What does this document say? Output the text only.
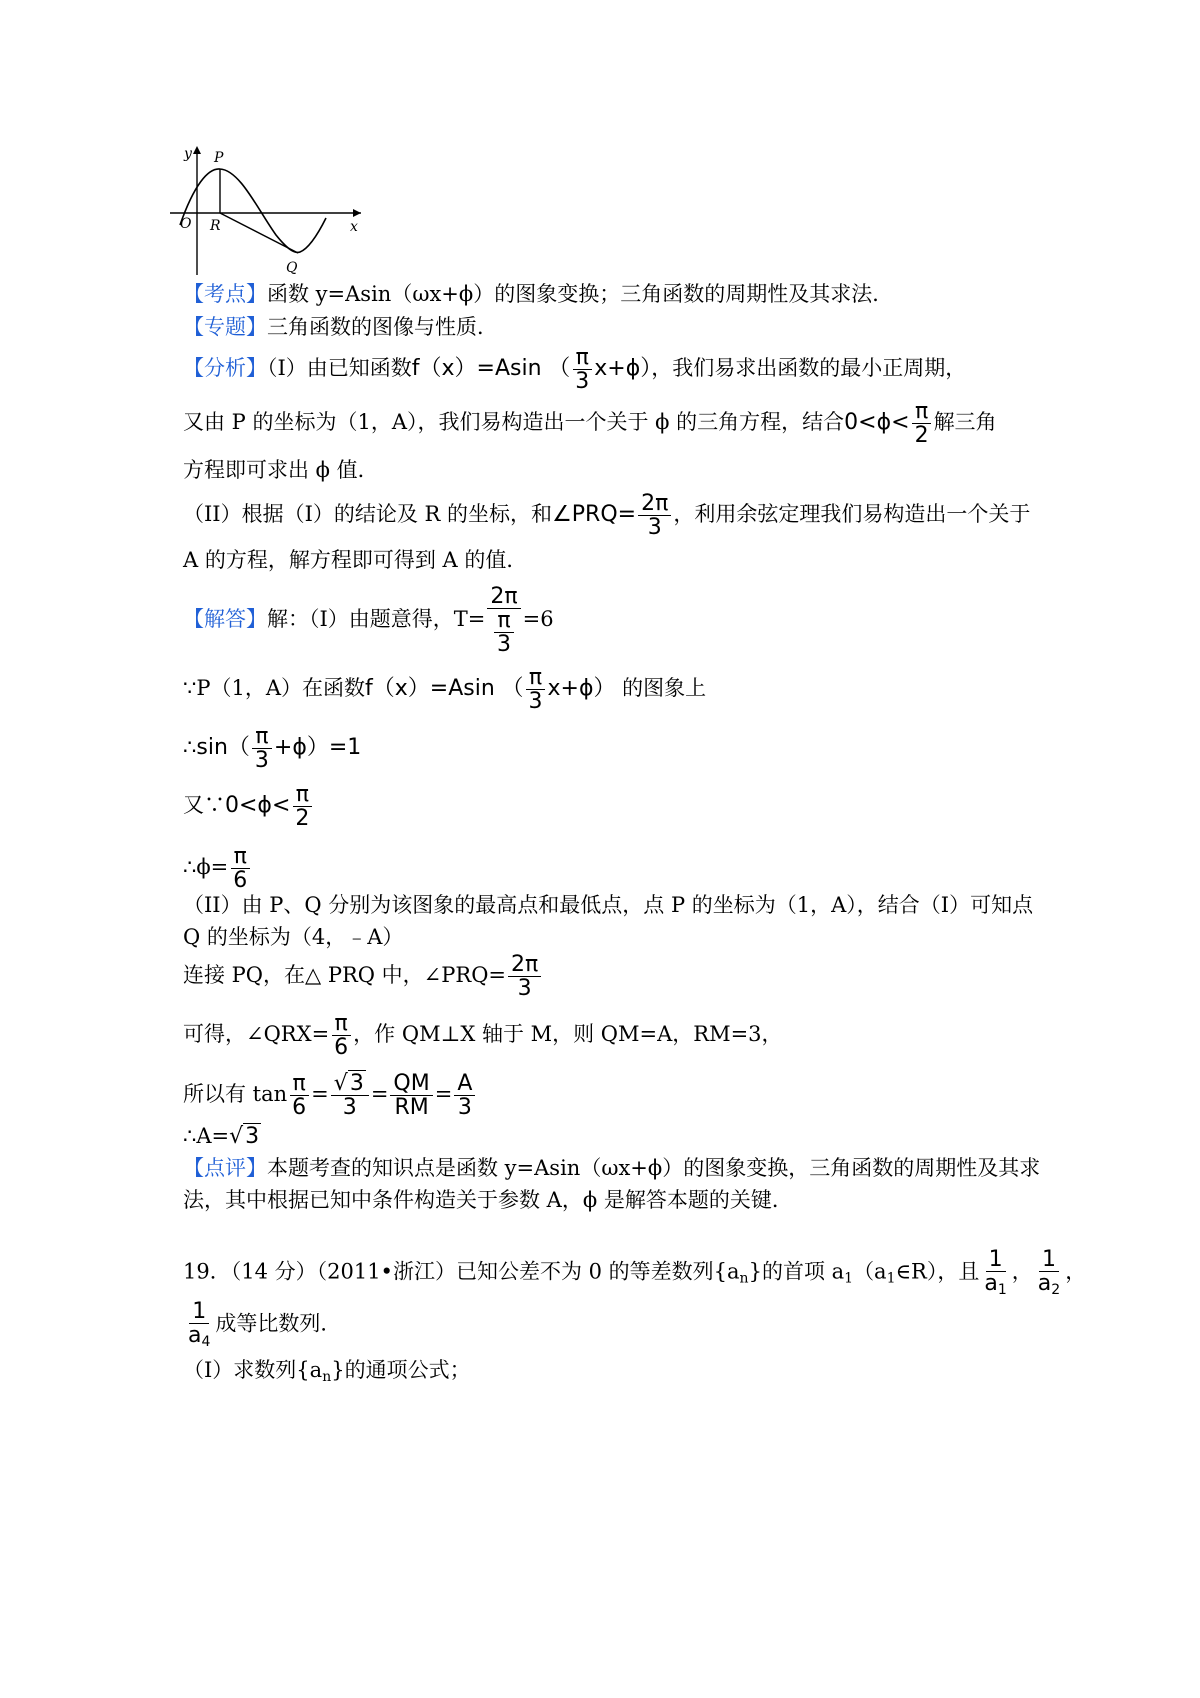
y P
O R	x
Q
【考点】函数 y=Asin（ωx+ϕ）的图象变换；三角函数的周期性及其求法．
【专题】三角函数的图像与性质．
【分析】（I）由已知函数f（x）=Asin （ $\frac{\pi}{3} x+\phi$），我们易求出函数的最小正周期，
又由 P 的坐标为（1，A），我们易构造出一个关于 ϕ 的三角方程，结合$0<\phi< \frac{\pi}{2}$ 解三角
方程即可求出 ϕ 值．
（II）根据（I）的结论及 R 的坐标，和∠PRQ= $\frac{2\pi}{3}$ ，利用余弦定理我们易构造出一个关于
A 的方程，解方程即可得到 A 的值．
【解答】解：（I）由题意得，$T= \frac{2\pi}{\frac{\pi}{3}} =6$
∵P（1，A）在函数f（x）=Asin （ $\frac{\pi}{3} x+\phi$） 的图象上
∴sin（ $\frac{\pi}{3} +\phi)=1$
又∵0<ϕ< $\frac{\pi}{2}$
∴ϕ= $\frac{\pi}{6}$
（II）由 P、Q 分别为该图象的最高点和最低点，点 P 的坐标为（1，A），结合（I）可知点
Q 的坐标为（4，﹣A）
连接 PQ，在△ PRQ 中，∠PRQ= $\frac{2\pi}{3}$
可得，∠QRX= $\frac{\pi}{6}$ ，作 QM⊥X 轴于 M，则 QM=A，RM=3，
所以有 $\tan \frac{\pi}{6} = \frac{√3}{3} = \frac{QM}{RM} = \frac{A}{3}$
∴A=√3
【点评】本题考查的知识点是函数 y=Asin（ωx+ϕ）的图象变换，三角函数的周期性及其求
法，其中根据已知中条件构造关于参数 A，ϕ 是解答本题的关键．
19．（14 分）（2011•浙江）已知公差不为 0 的等差数列$\{a_n\}$的首项 $a_1(a_1\in R)$，且 $\frac{1}{a_1}$ ， $\frac{1}{a_2}$ ，
$\frac{1}{a_4}$ 成等比数列．
（Ⅰ）求数列$\{a_n\}$的通项公式；
